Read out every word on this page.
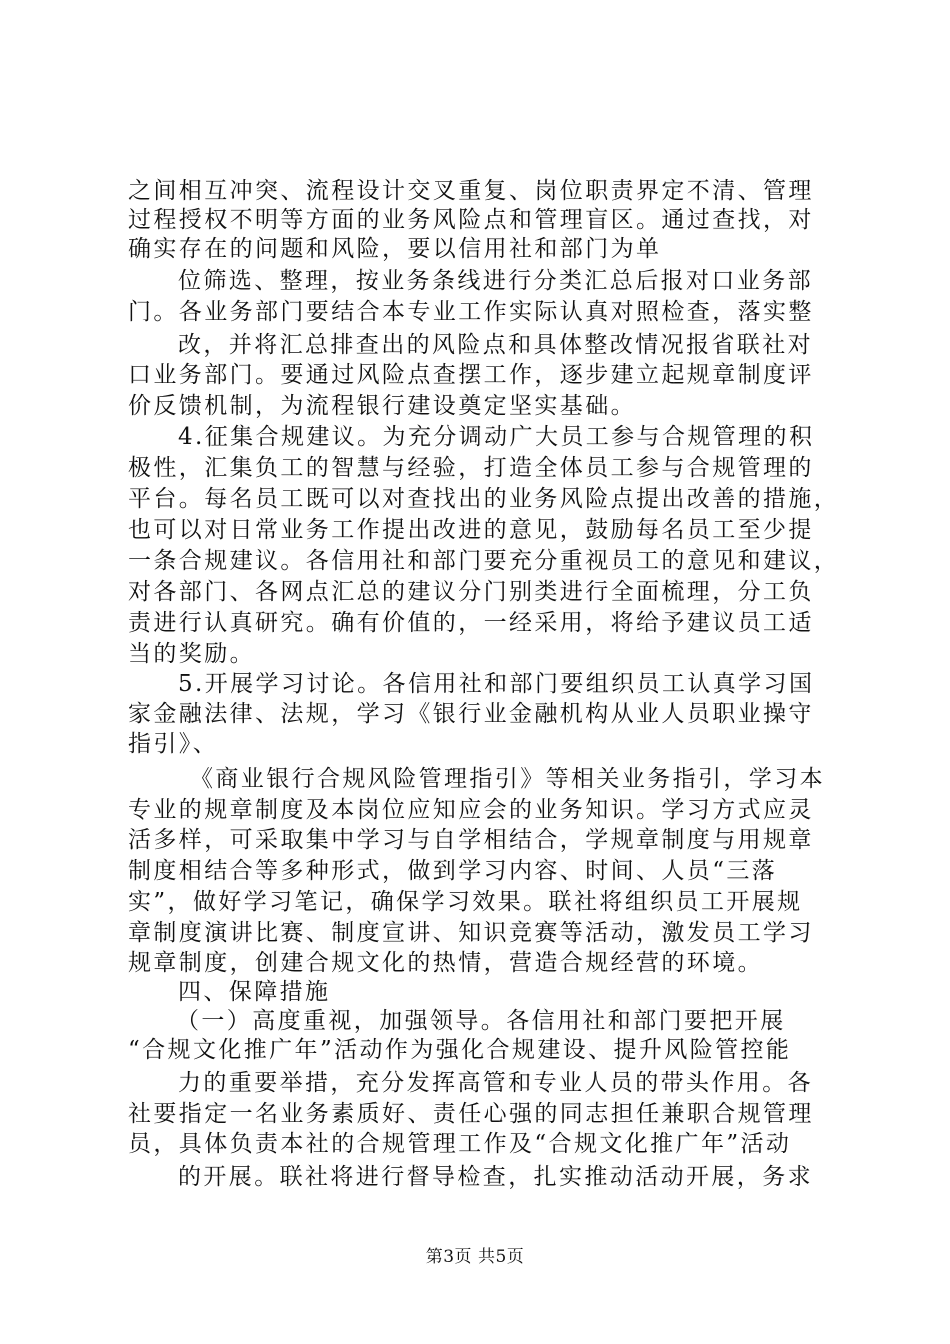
之间相互冲突、流程设计交叉重复、岗位职责界定不清、管理
过程授权不明等方面的业务风险点和管理盲区。通过查找，对
确实存在的问题和风险，要以信用社和部门为单
位筛选、整理，按业务条线进行分类汇总后报对口业务部
门。各业务部门要结合本专业工作实际认真对照检查，落实整
改，并将汇总排查出的风险点和具体整改情况报省联社对
口业务部门。要通过风险点查摆工作，逐步建立起规章制度评
价反馈机制，为流程银行建设奠定坚实基础。
4.征集合规建议。为充分调动广大员工参与合规管理的积
极性，汇集负工的智慧与经验，打造全体员工参与合规管理的
平台。每名员工既可以对查找出的业务风险点提出改善的措施，
也可以对日常业务工作提出改进的意见，鼓励每名员工至少提
一条合规建议。各信用社和部门要充分重视员工的意见和建议，
对各部门、各网点汇总的建议分门别类进行全面梳理，分工负
责进行认真研究。确有价值的，一经采用，将给予建议员工适
当的奖励。
5.开展学习讨论。各信用社和部门要组织员工认真学习国
家金融法律、法规，学习《银行业金融机构从业人员职业操守
指引》、
《商业银行合规风险管理指引》等相关业务指引，学习本
专业的规章制度及本岗位应知应会的业务知识。学习方式应灵
活多样，可采取集中学习与自学相结合，学规章制度与用规章
制度相结合等多种形式，做到学习内容、时间、人员“三落
实”，做好学习笔记，确保学习效果。联社将组织员工开展规
章制度演讲比赛、制度宣讲、知识竞赛等活动，激发员工学习
规章制度，创建合规文化的热情，营造合规经营的环境。
四、保障措施
（一）高度重视，加强领导。各信用社和部门要把开展
“合规文化推广年”活动作为强化合规建设、提升风险管控能
力的重要举措，充分发挥高管和专业人员的带头作用。各
社要指定一名业务素质好、责任心强的同志担任兼职合规管理
员，具体负责本社的合规管理工作及“合规文化推广年”活动
的开展。联社将进行督导检查，扎实推动活动开展，务求
第3页 共5页
